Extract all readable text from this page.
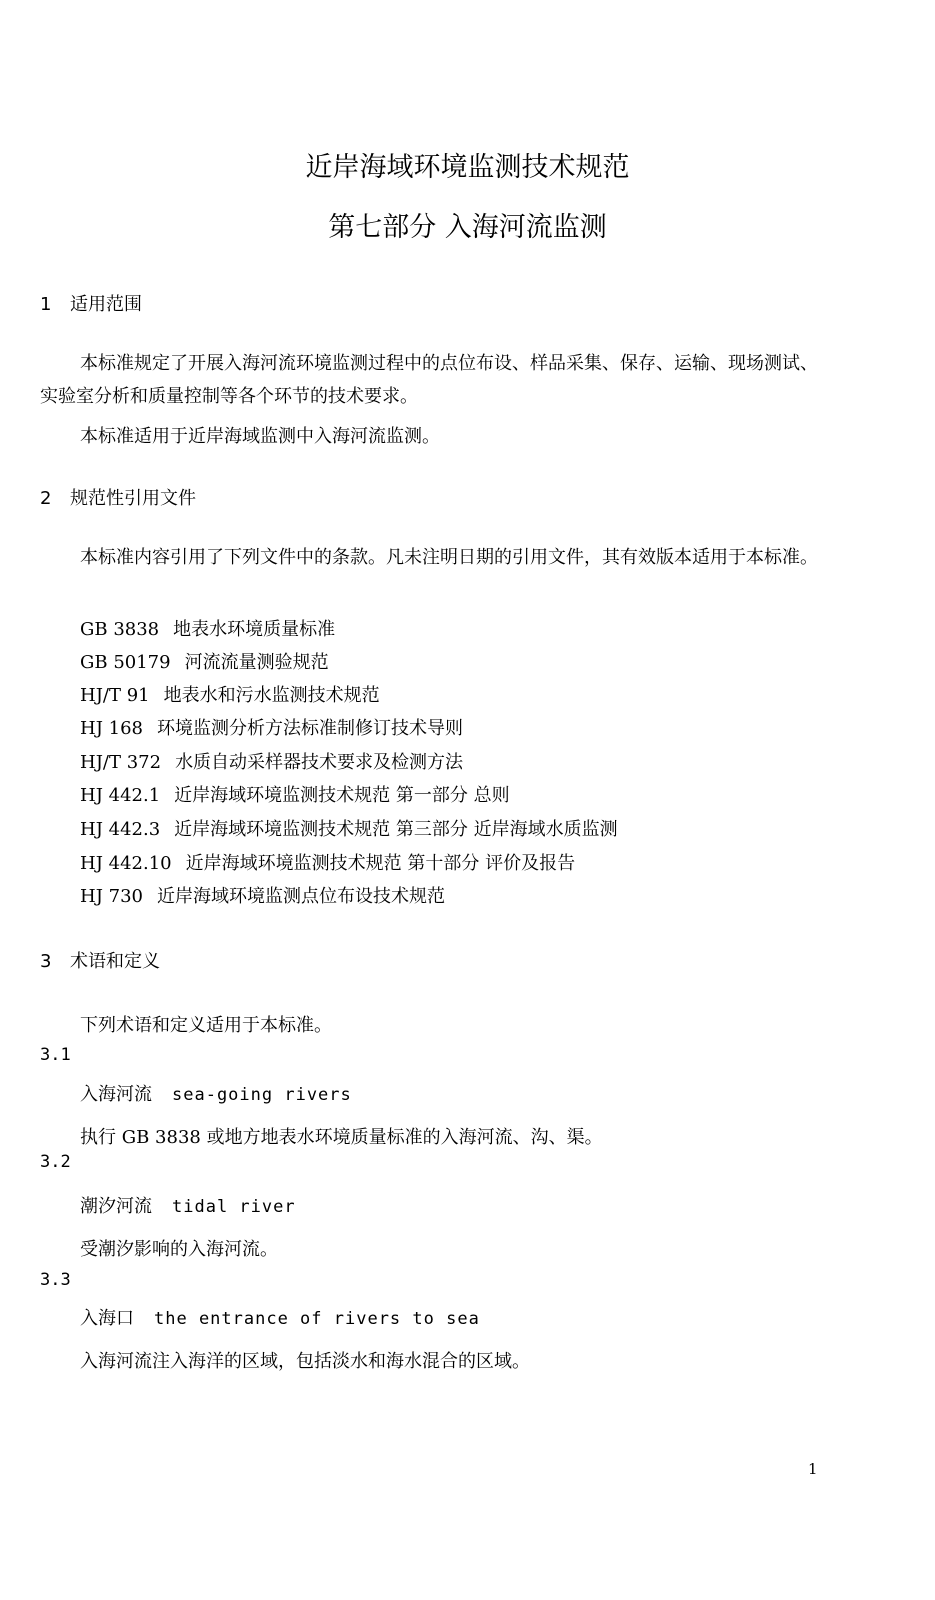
近岸海域环境监测技术规范
第七部分 入海河流监测
1 适用范围
本标准规定了开展入海河流环境监测过程中的点位布设、样品采集、保存、运输、现场测试、实验室分析和质量控制等各个环节的技术要求。
本标准适用于近岸海域监测中入海河流监测。
2 规范性引用文件
本标准内容引用了下列文件中的条款。凡未注明日期的引用文件，其有效版本适用于本标准。
GB 3838 地表水环境质量标准
GB 50179 河流流量测验规范
HJ/T 91 地表水和污水监测技术规范
HJ 168 环境监测分析方法标准制修订技术导则
HJ/T 372 水质自动采样器技术要求及检测方法
HJ 442.1 近岸海域环境监测技术规范 第一部分 总则
HJ 442.3 近岸海域环境监测技术规范 第三部分 近岸海域水质监测
HJ 442.10 近岸海域环境监测技术规范 第十部分 评价及报告
HJ 730 近岸海域环境监测点位布设技术规范
3 术语和定义
下列术语和定义适用于本标准。
3.1
入海河流 sea-going rivers
执行 GB 3838 或地方地表水环境质量标准的入海河流、沟、渠。
3.2
潮汐河流 tidal river
受潮汐影响的入海河流。
3.3
入海口 the entrance of rivers to sea
入海河流注入海洋的区域，包括淡水和海水混合的区域。
1
